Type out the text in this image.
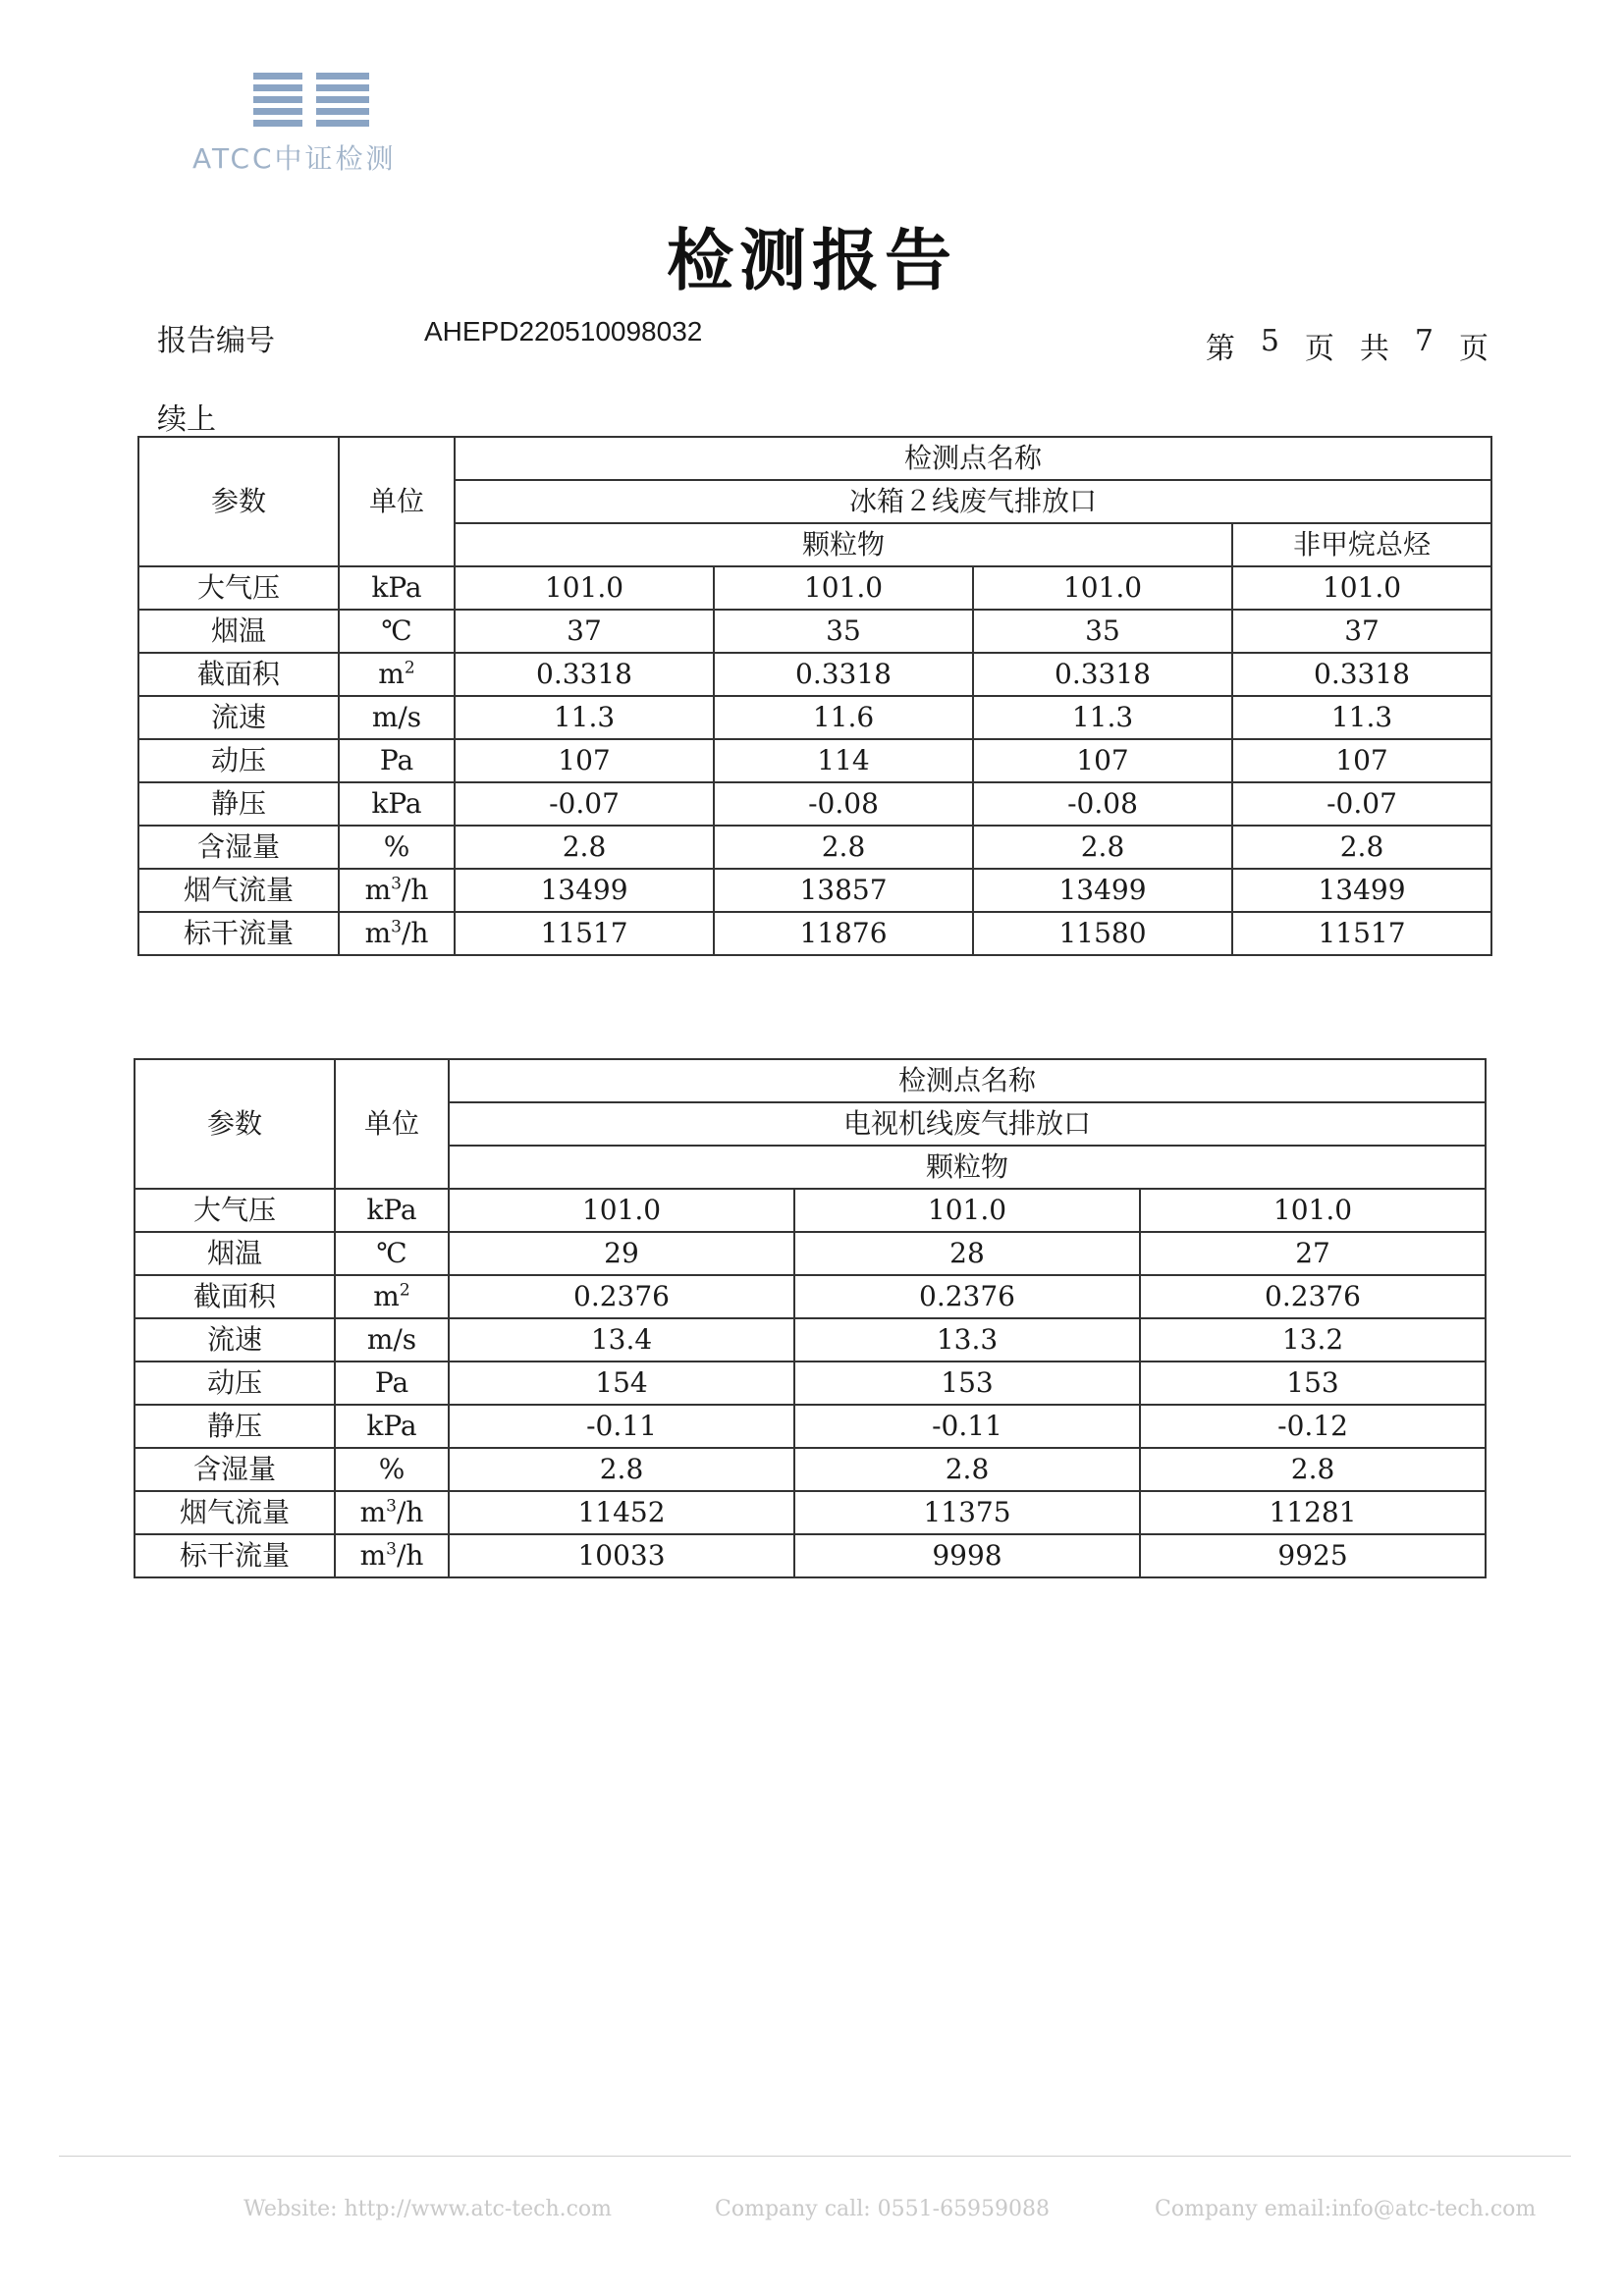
ATCC中证检测
检测报告
报告编号	AHEPD220510098032
第 5 页 共 7 页
续上
参数	单位	检测点名称			
		冰箱２线废气排放口			
		颗粒物			非甲烷总烃
大气压	kPa	101.0	101.0	101.0	101.0
烟温	℃	37	35	35	37
截面积	$m^2$	0.3318	0.3318	0.3318	0.3318
流速	m/s	11.3	11.6	11.3	11.3
动压	Pa	107	114	107	107
静压	kPa	-0.07	-0.08	-0.08	-0.07
含湿量	%	2.8	2.8	2.8	2.8
烟气流量	$m^3/h$	13499	13857	13499	13499
标干流量	$m^3/h$	11517	11876	11580	11517
参数	单位	检测点名称		
		电视机线废气排放口		
		颗粒物		
大气压	kPa	101.0	101.0	101.0
烟温	℃	29	28	27
截面积	$m^2$	0.2376	0.2376	0.2376
流速	m/s	13.4	13.3	13.2
动压	Pa	154	153	153
静压	kPa	-0.11	-0.11	-0.12
含湿量	%	2.8	2.8	2.8
烟气流量	$m^3/h$	11452	11375	11281
标干流量	$m^3/h$	10033	9998	9925
Website: http://www.atc-tech.com	Company call: 0551-65959088	Company email:info@atc-tech.com
